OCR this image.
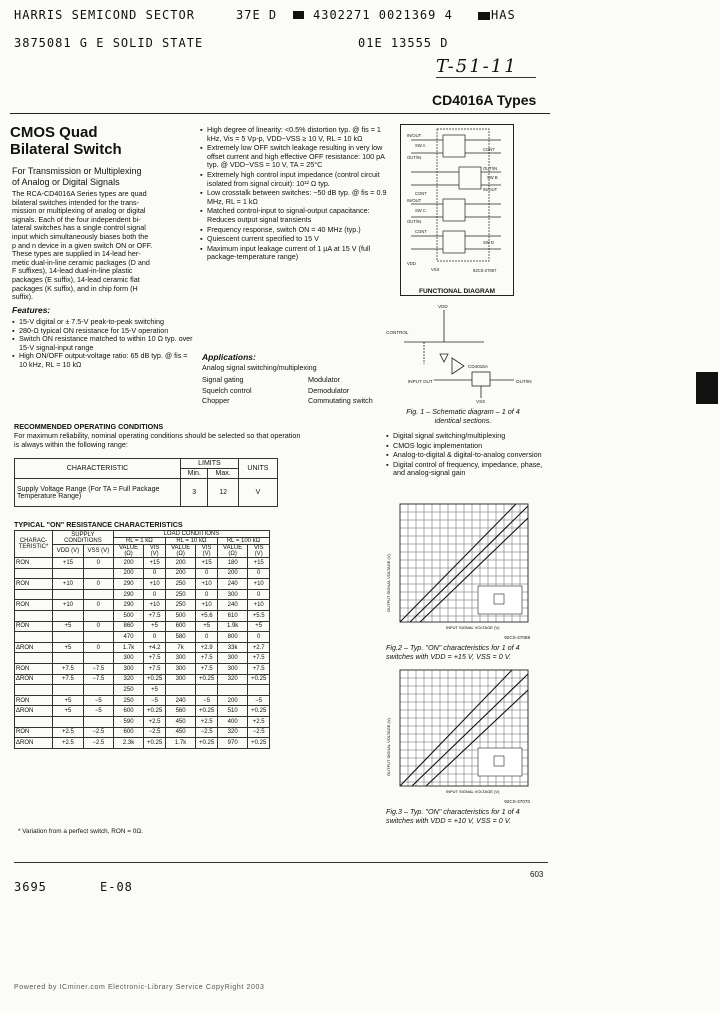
HARRIS SEMICOND SECTOR	37E D	4302271 0021369 4	HAS
3875081 G E SOLID STATE	01E 13555 D
T-51-11
CD4016A Types
CMOS Quad
Bilateral Switch
For Transmission or Multiplexing
of Analog or Digital Signals
The RCA-CD4016A Series types are quad
bilateral switches intended for the trans-
mission or multiplexing of analog or digital
signals. Each of the four independent bi-
lateral switches has a single control signal
input which simultaneously biases both the
p and n device in a given switch ON or OFF.
These types are supplied in 14-lead her-
metic dual-in-line ceramic packages (D and
F suffixes), 14-lead dual-in-line plastic
packages (E suffix), 14-lead ceramic flat
packages (K suffix), and in chip form (H
suffix).
Features:
▪ 15-V digital or ± 7.5-V peak-to-peak switching
▪ 280-Ω typical ON resistance for 15-V operation
▪ Switch ON resistance matched to within 10 Ω typ. over 15-V signal-input range
▪ High ON/OFF output-voltage ratio: 65 dB typ. @ fis = 10 kHz, RL = 10 kΩ
▪ High degree of linearity: <0.5% distortion typ. @ fis = 1 kHz, Vis = 5 Vp-p, VDD−VSS ≥ 10 V, RL = 10 kΩ
▪ Extremely low OFF switch leakage resulting in very low offset current and high effective OFF resistance: 100 pA typ. @ VDD−VSS = 10 V, TA = 25°C
▪ Extremely high control input impedance (control circuit isolated from signal circuit): 10¹² Ω typ.
▪ Low crosstalk between switches: −50 dB typ. @ fis = 0.9 MHz, RL = 1 kΩ
▪ Matched control-input to signal-output capacitance: Reduces output signal transients
▪ Frequency response, switch ON = 40 MHz (typ.)
▪ Quiescent current specified to 15 V
▪ Maximum input leakage current of 1 µA at 15 V (full package-temperature range)
Applications:
Analog signal switching/multiplexing
Signal gating	Modulator
Squelch control	Demodulator
Chopper	Commutating switch
IN/OUT
SW A
OUT/IN
CONT
OUT/IN
SW B
IN/OUT
CONT
IN/OUT
SW C
OUT/IN
CONT
SW D
VDD
VSS	92CS-27067
FUNCTIONAL DIAGRAM
VDD
CONTROL
CD4016A
INPUT OUT	OUT/IN
VSS
Fig. 1 – Schematic diagram – 1 of 4 identical sections.
▪ Digital signal switching/multiplexing
▪ CMOS logic implementation
▪ Analog-to-digital & digital-to-analog conversion
▪ Digital control of frequency, impedance, phase, and analog-signal gain
RECOMMENDED OPERATING CONDITIONS
For maximum reliability, nominal operating conditions should be selected so that operation is always within the following range:
CHARACTERISTIC	LIMITS		UNITS
	Min.	Max.	
Supply Voltage Range (For TA = Full Package Temperature Range)	3	12	V
TYPICAL "ON" RESISTANCE CHARACTERISTICS
CHARAC-TERISTIC*	SUPPLY CONDITIONS		LOAD CONDITIONS					
			RL = 1 kΩ		RL = 10 kΩ		RL = 100 kΩ	
	VDD (V)	VSS (V)	VALUE (Ω)	VIS (V)	VALUE (Ω)	VIS (V)	VALUE (Ω)	VIS (V)
RON	+15	0	200	+15	200	+15	180	+15
			200	0	200	0	200	0
RON	+10	0	290	+10	250	+10	240	+10
			290	0	250	0	300	0
RON	+10	0	290	+10	250	+10	240	+10
			500	+7.5	500	+5.6	610	+5.5
RON	+5	0	860	+5	600	+5	1.9k	+5
			470	0	580	0	800	0
ΔRON	+5	0	1.7k	+4.2	7k	+2.9	33k	+2.7
			300	+7.5	300	+7.5	300	+7.5
RON	+7.5	−7.5	300	+7.5	300	+7.5	300	+7.5
ΔRON	+7.5	−7.5	320	+0.25	300	+0.25	320	+0.25
			250	+5				
RON	+5	−5	250	−5	240	−5	200	−5
ΔRON	+5	−5	600	+0.25	560	+0.25	510	+0.25
			590	+2.5	450	+2.5	400	+2.5
RON	+2.5	−2.5	600	−2.5	450	−2.5	320	−2.5
ΔRON	+2.5	−2.5	2.3k	+0.25	1.7k	+0.25	970	+0.25
* Variation from a perfect switch, RON = 0Ω.
OUTPUT SIGNAL VOLTAGE (V)
INPUT SIGNAL VOLTAGE (V)
92CS-27069
Fig.2 – Typ. "ON" characteristics for 1 of 4 switches with VDD = +15 V, VSS = 0 V.
OUTPUT SIGNAL VOLTAGE (V)
INPUT SIGNAL VOLTAGE (V)
92CS-27070
Fig.3 – Typ. "ON" characteristics for 1 of 4 switches with VDD = +10 V, VSS = 0 V.
603
3695	E-08
Powered by ICminer.com Electronic-Library Service CopyRight 2003
